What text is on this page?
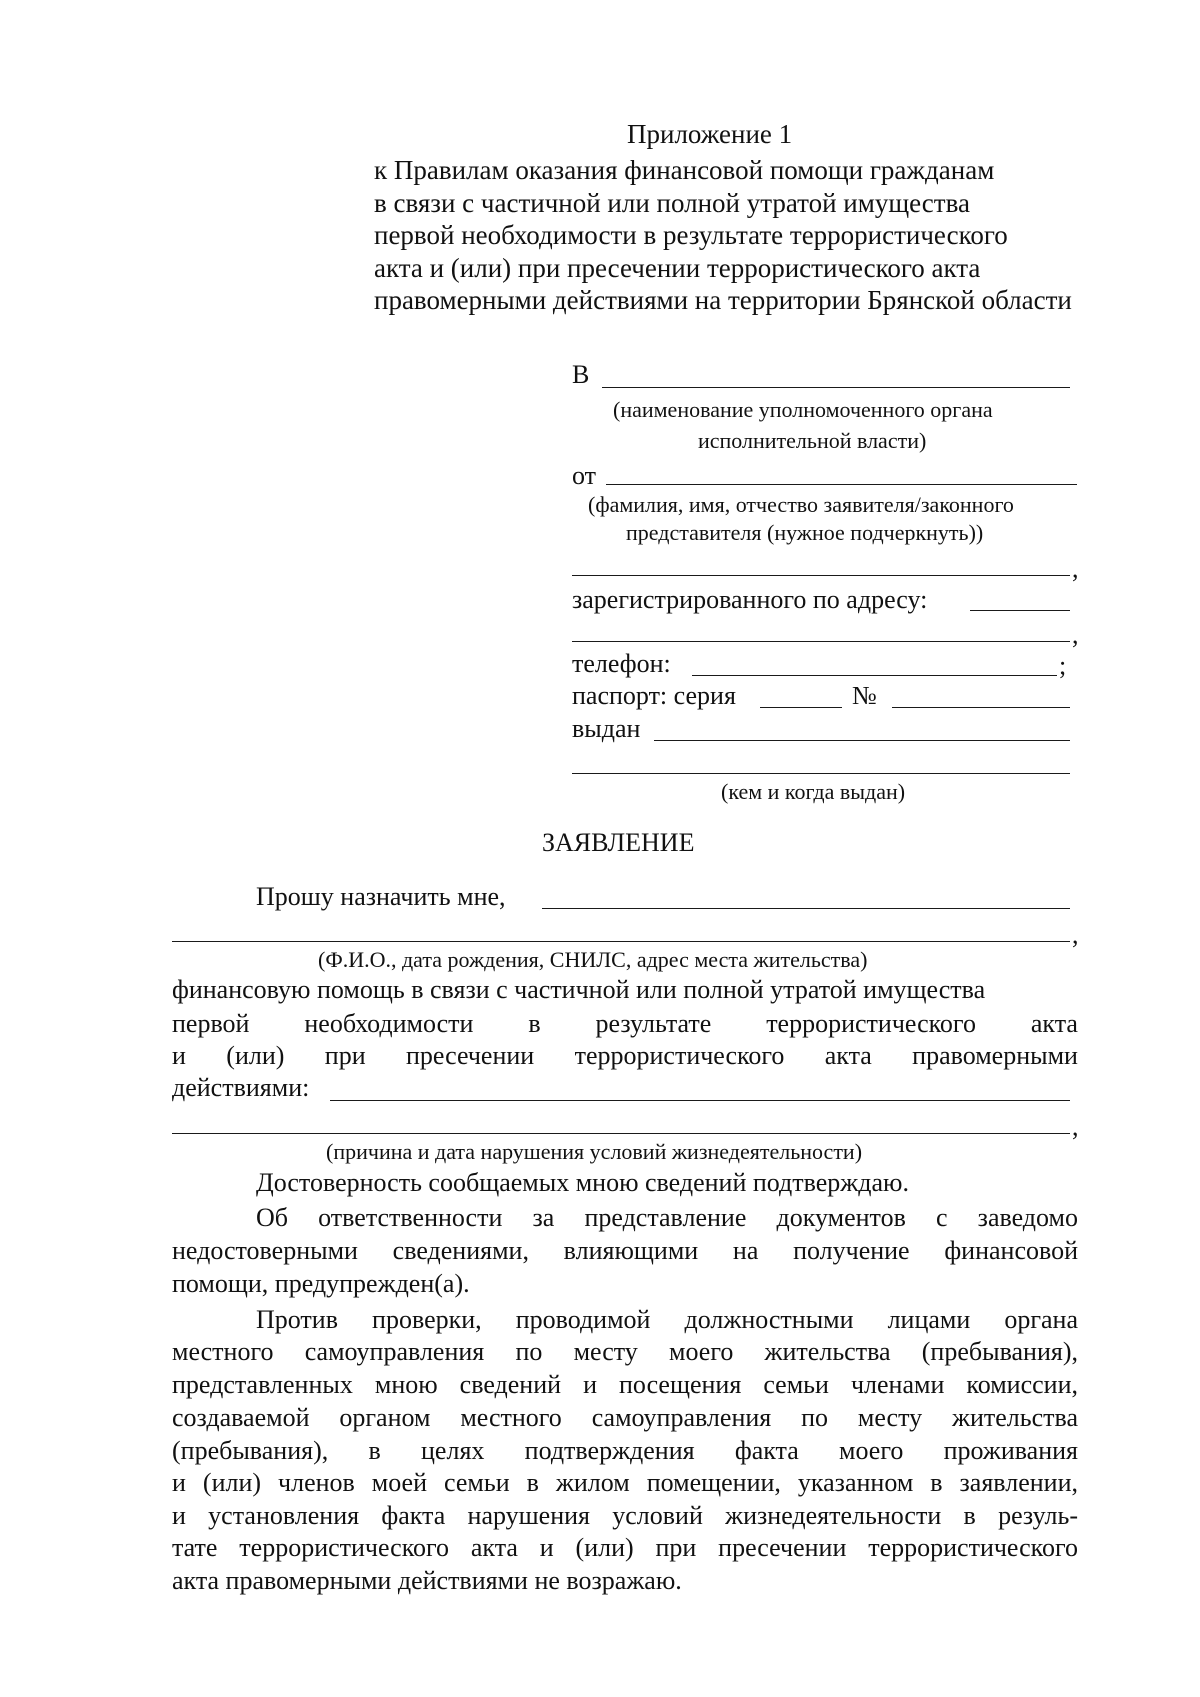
Приложение 1
к Правилам оказания финансовой помощи гражданам
в связи с частичной или полной утратой имущества
первой необходимости в результате террористического
акта и (или) при пресечении террористического акта
правомерными действиями на территории Брянской области
В
(наименование уполномоченного органа
исполнительной власти)
от
(фамилия, имя, отчество заявителя/законного
представителя (нужное подчеркнуть))
,
зарегистрированного по адресу:
,
телефон:	;
паспорт: серия	№
выдан
(кем и когда выдан)
ЗАЯВЛЕНИЕ
Прошу назначить мне,
,
(Ф.И.О., дата рождения, СНИЛС, адрес места жительства)
финансовую помощь в связи с частичной или полной утратой имущества
первой необходимости в результате террористического акта
и (или) при пресечении террористического акта правомерными
действиями:
,
(причина и дата нарушения условий жизнедеятельности)
Достоверность сообщаемых мною сведений подтверждаю.
Об ответственности за представление документов с заведомо
недостоверными сведениями, влияющими на получение финансовой
помощи, предупрежден(а).
Против проверки, проводимой должностными лицами органа
местного самоуправления по месту моего жительства (пребывания),
представленных мною сведений и посещения семьи членами комиссии,
создаваемой органом местного самоуправления по месту жительства
(пребывания), в целях подтверждения факта моего проживания
и (или) членов моей семьи в жилом помещении, указанном в заявлении,
и установления факта нарушения условий жизнедеятельности в резуль-
тате террористического акта и (или) при пресечении террористического
акта правомерными действиями не возражаю.
